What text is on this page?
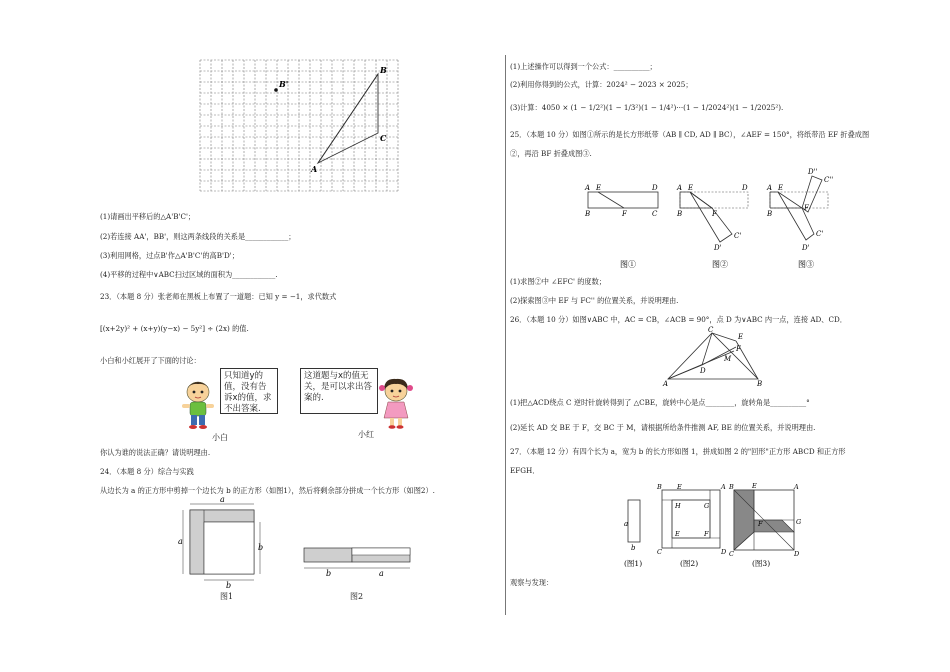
B'
B
C
A
(1)请画出平移后的△A'B'C'；
(2)若连接 AA'，BB'，则这两条线段的关系是____________；
(3)利用网格，过点B'作△A'B'C'的高B'D'；
(4)平移的过程中∨ABC扫过区域的面积为____________.
23．（本题 8 分）张老师在黑板上布置了一道题：已知 y = −1，求代数式
[(x+2y)² + (x+y)(y−x) − 5y²] ÷ (2x) 的值.
小白和小红展开了下面的讨论：
只知道y的值，没有告诉x的值，求不出答案.
小白
这道题与x的值无关，是可以求出答案的.
小红
你认为谁的说法正确？请说明理由.
24．（本题 8 分）综合与实践
从边长为 a 的正方形中剪掉一个边长为 b 的正方形（如图1），然后将剩余部分拼成一个长方形（如图2）.
a
a
b
b
图1
b	a
图2
(1)上述操作可以得到一个公式：__________；
(2)利用你得到的公式，计算：2024² − 2023 × 2025；
(3)计算：4050 × (1 − 1/2²)(1 − 1/3²)(1 − 1/4²)···(1 − 1/2024²)(1 − 1/2025²).
25．（本题 10 分）如图①所示的是长方形纸带（AB ∥ CD, AD ∥ BC），∠AEF = 150°，将纸带沿 EF 折叠成图
②，再沿 BF 折叠成图③.
A E	D
B	F	C
A E	D
B	F
C'
D'
A E
D''
C''
B
F
C'
D'
图①	图②	图③
(1)求图②中 ∠EFC' 的度数；
(2)探索图③中 EF 与 FC'' 的位置关系，并说明理由.
26．（本题 10 分）如图∨ABC 中，AC = CB，∠ACB = 90°，点 D 为∨ABC 内一点，连接 AD、CD．
C
E
F
M
D
A	B
(1)把△ACD绕点 C 逆时针旋转得到了 △CBE，旋转中心是点________，旋转角是__________°
(2)延长 AD 交 BE 于 F，交 BC 于 M，请根据所给条件推测 AF, BE 的位置关系，并说明理由.
27．（本题 12 分）有四个长为 a，宽为 b 的长方形如图 1，拼成如图 2 的"回形"正方形 ABCD 和正方形
EFGH．
a
b
B E	A
H	G
E	F
C	D
B	E	A
F	G
C	D
(图1)	(图2)	(图3)
观察与发现：
